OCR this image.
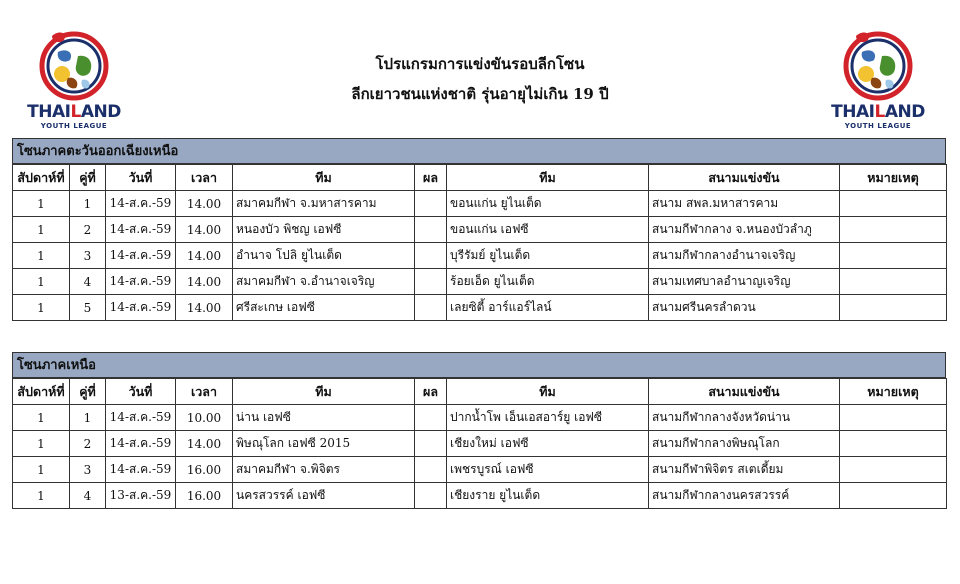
THAILAND
YOUTH LEAGUE
THAILAND
YOUTH LEAGUE
โปรแกรมการแข่งขันรอบลีกโซน
ลีกเยาวชนแห่งชาติ รุ่นอายุไม่เกิน 19 ปี
โซนภาคตะวันออกเฉียงเหนือ
สัปดาห์ที่	คู่ที่	วันที่	เวลา	ทีม	ผล	ทีม	สนามแข่งขัน	หมายเหตุ
1	1	14-ส.ค.-59	14.00	สมาคมกีฬา จ.มหาสารคาม		ขอนแก่น ยูไนเต็ด	สนาม สพล.มหาสารคาม	
1	2	14-ส.ค.-59	14.00	หนองบัว พิชญ เอฟซี		ขอนแก่น เอฟซี	สนามกีฬากลาง จ.หนองบัวลำภู	
1	3	14-ส.ค.-59	14.00	อำนาจ โปลิ ยูไนเต็ด		บุรีรัมย์ ยูไนเต็ด	สนามกีฬากลางอำนาจเจริญ	
1	4	14-ส.ค.-59	14.00	สมาคมกีฬา จ.อำนาจเจริญ		ร้อยเอ็ด ยูไนเต็ด	สนามเทศบาลอำนาญเจริญ	
1	5	14-ส.ค.-59	14.00	ศรีสะเกษ เอฟซี		เลยซิตี้ อาร์แอร์ไลน์	สนามศรีนครลำดวน	
โซนภาคเหนือ
สัปดาห์ที่	คู่ที่	วันที่	เวลา	ทีม	ผล	ทีม	สนามแข่งขัน	หมายเหตุ
1	1	14-ส.ค.-59	10.00	น่าน เอฟซี		ปากน้ำโพ เอ็นเอสอาร์ยู เอฟซี	สนามกีฬากลางจังหวัดน่าน	
1	2	14-ส.ค.-59	14.00	พิษณุโลก เอฟซี 2015		เชียงใหม่ เอฟซี	สนามกีฬากลางพิษณุโลก	
1	3	14-ส.ค.-59	16.00	สมาคมกีฬา จ.พิจิตร		เพชรบูรณ์ เอฟซี	สนามกีฬาพิจิตร สเตเดี้ยม	
1	4	13-ส.ค.-59	16.00	นครสวรรค์ เอฟซี		เชียงราย ยูไนเต็ด	สนามกีฬากลางนครสวรรค์	
